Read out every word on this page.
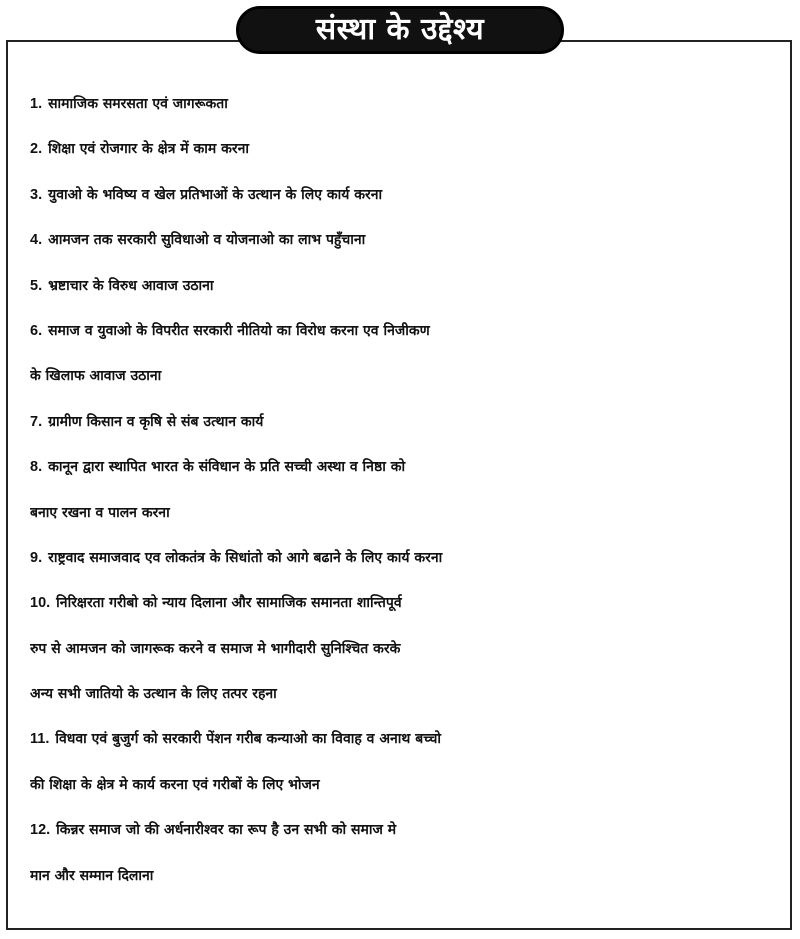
संस्था के उद्देश्य
1. सामाजिक समरसता एवं जागरूकता
2. शिक्षा एवं रोजगार के क्षेत्र में काम करना
3. युवाओ के भविष्य व खेल प्रतिभाओं के उत्थान के लिए कार्य करना
4. आमजन तक सरकारी सुविधाओ व योजनाओ का लाभ पहुँचाना
5. भ्रष्टाचार के विरुध आवाज उठाना
6. समाज व युवाओ के विपरीत सरकारी नीतियो का विरोध करना एव निजीकण
के खिलाफ आवाज उठाना
7. ग्रामीण किसान व कृषि से संब उत्थान कार्य
8. कानून द्वारा स्थापित भारत के संविधान के प्रति सच्ची अस्था व निष्ठा को
बनाए रखना व पालन करना
9. राष्ट्रवाद समाजवाद एव लोकतंत्र के सिधांतो को आगे बढाने के लिए कार्य करना
10. निरिक्षरता गरीबो को न्याय दिलाना और सामाजिक समानता शान्तिपूर्व
रुप से आमजन को जागरूक करने व समाज मे भागीदारी सुनिश्चित करके
अन्य सभी जातियो के उत्थान के लिए तत्पर रहना
11. विधवा एवं बुजुर्ग को सरकारी पेंशन गरीब कन्याओ का विवाह व अनाथ बच्चो
की शिक्षा के क्षेत्र मे कार्य करना एवं गरीबों के लिए भोजन
12. किन्नर समाज जो की अर्धनारीश्वर का रूप है उन सभी को समाज मे
मान और सम्मान दिलाना
